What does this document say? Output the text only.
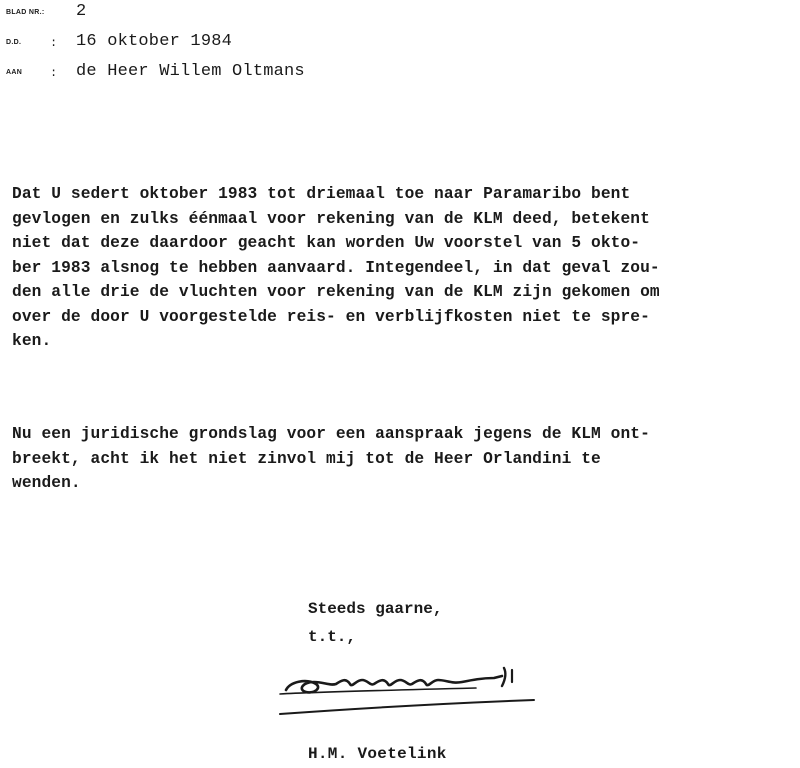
BLAD NR.: 2
D.D. : 16 oktober 1984
AAN : de Heer Willem Oltmans
Dat U sedert oktober 1983 tot driemaal toe naar Paramaribo bent
gevlogen en zulks éénmaal voor rekening van de KLM deed, betekent
niet dat deze daardoor geacht kan worden Uw voorstel van 5 okto-
ber 1983 alsnog te hebben aanvaard. Integendeel, in dat geval zou-
den alle drie de vluchten voor rekening van de KLM zijn gekomen om
over de door U voorgestelde reis- en verblijfkosten niet te spre-
ken.
Nu een juridische grondslag voor een aanspraak jegens de KLM ont-
breekt, acht ik het niet zinvol mij tot de Heer Orlandini te
wenden.
Steeds gaarne,
t.t.,
H.M. Voetelink
